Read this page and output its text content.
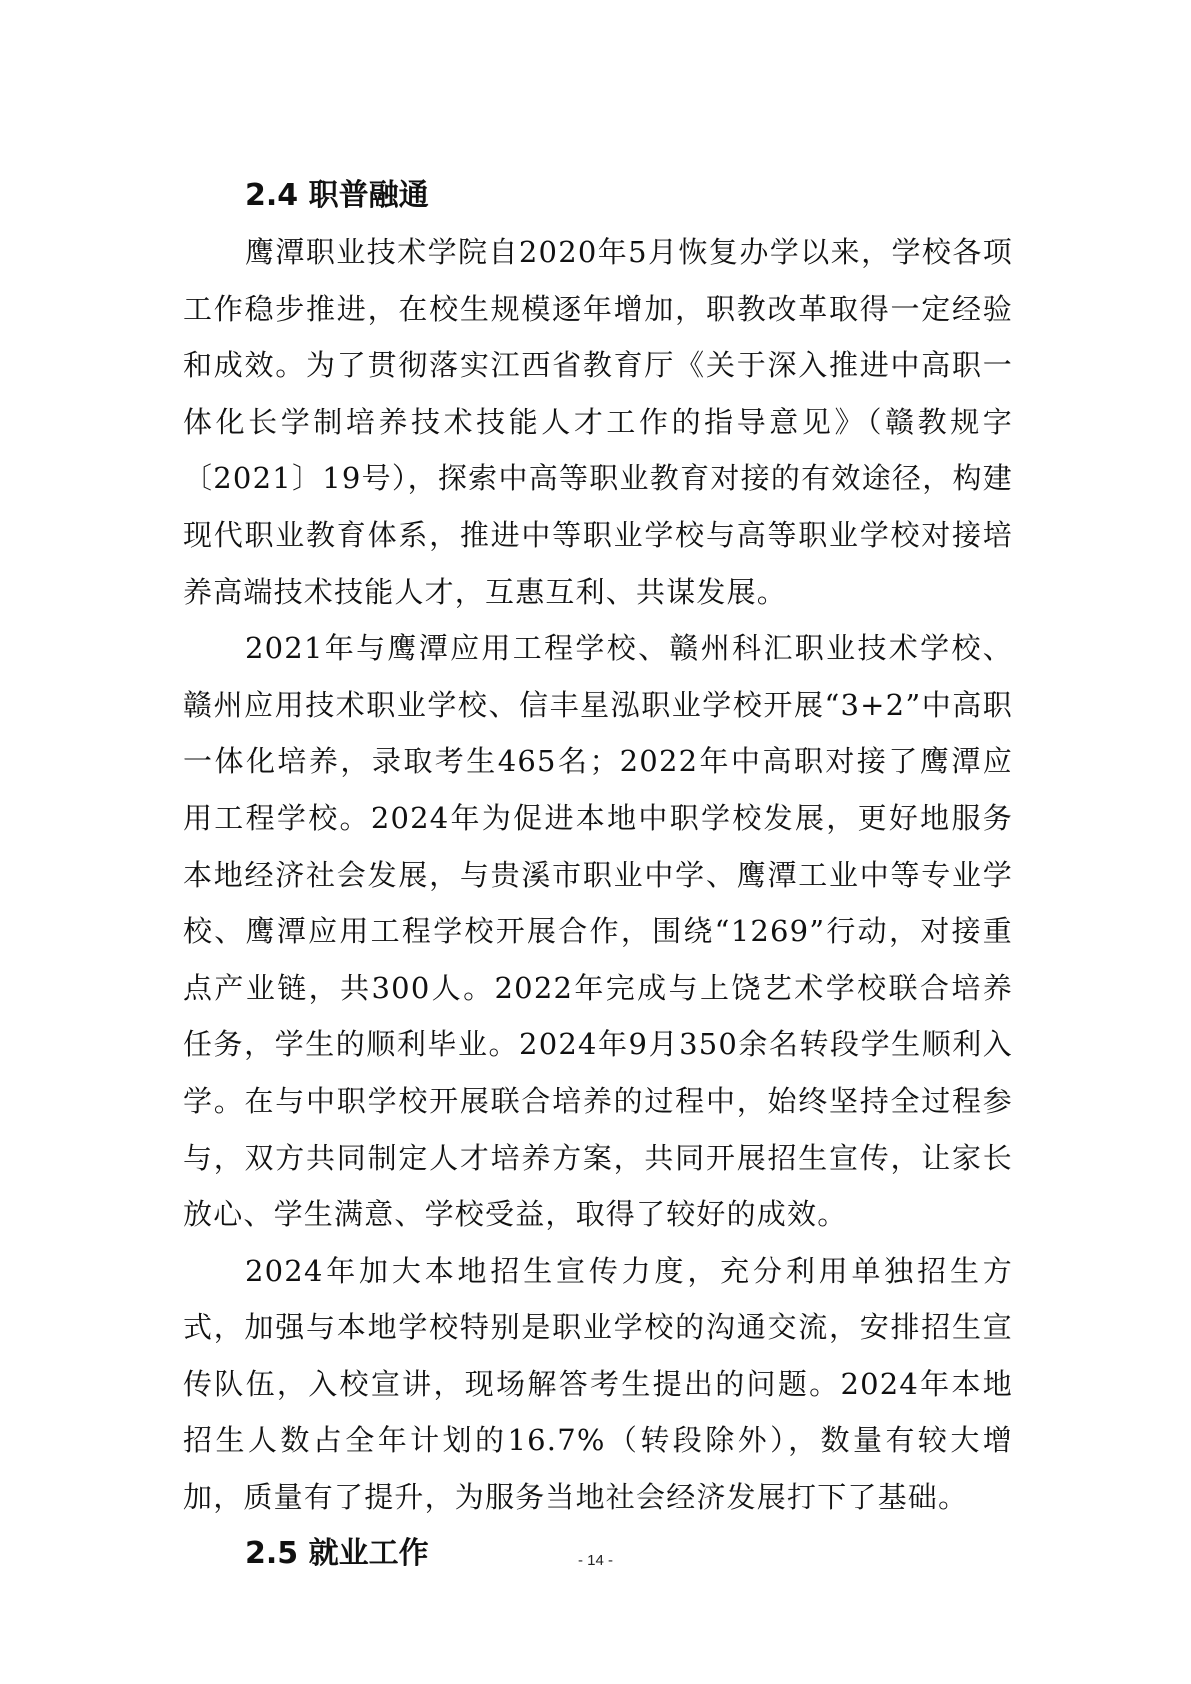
2.4 职普融通

鹰潭职业技术学院自2020年5月恢复办学以来，学校各项工作稳步推进，在校生规模逐年增加，职教改革取得一定经验和成效。为了贯彻落实江西省教育厅《关于深入推进中高职一体化长学制培养技术技能人才工作的指导意见》（赣教规字〔2021〕19号），探索中高等职业教育对接的有效途径，构建现代职业教育体系，推进中等职业学校与高等职业学校对接培养高端技术技能人才，互惠互利、共谋发展。

2021年与鹰潭应用工程学校、赣州科汇职业技术学校、赣州应用技术职业学校、信丰星泓职业学校开展“3+2”中高职一体化培养，录取考生465名；2022年中高职对接了鹰潭应用工程学校。2024年为促进本地中职学校发展，更好地服务本地经济社会发展，与贵溪市职业中学、鹰潭工业中等专业学校、鹰潭应用工程学校开展合作，围绕“1269”行动，对接重点产业链，共300人。2022年完成与上饶艺术学校联合培养任务，学生的顺利毕业。2024年9月350余名转段学生顺利入学。在与中职学校开展联合培养的过程中，始终坚持全过程参与，双方共同制定人才培养方案，共同开展招生宣传，让家长放心、学生满意、学校受益，取得了较好的成效。

2024年加大本地招生宣传力度，充分利用单独招生方式，加强与本地学校特别是职业学校的沟通交流，安排招生宣传队伍，入校宣讲，现场解答考生提出的问题。2024年本地招生人数占全年计划的16.7%（转段除外），数量有较大增加，质量有了提升，为服务当地社会经济发展打下了基础。

2.5 就业工作	- 14 -
